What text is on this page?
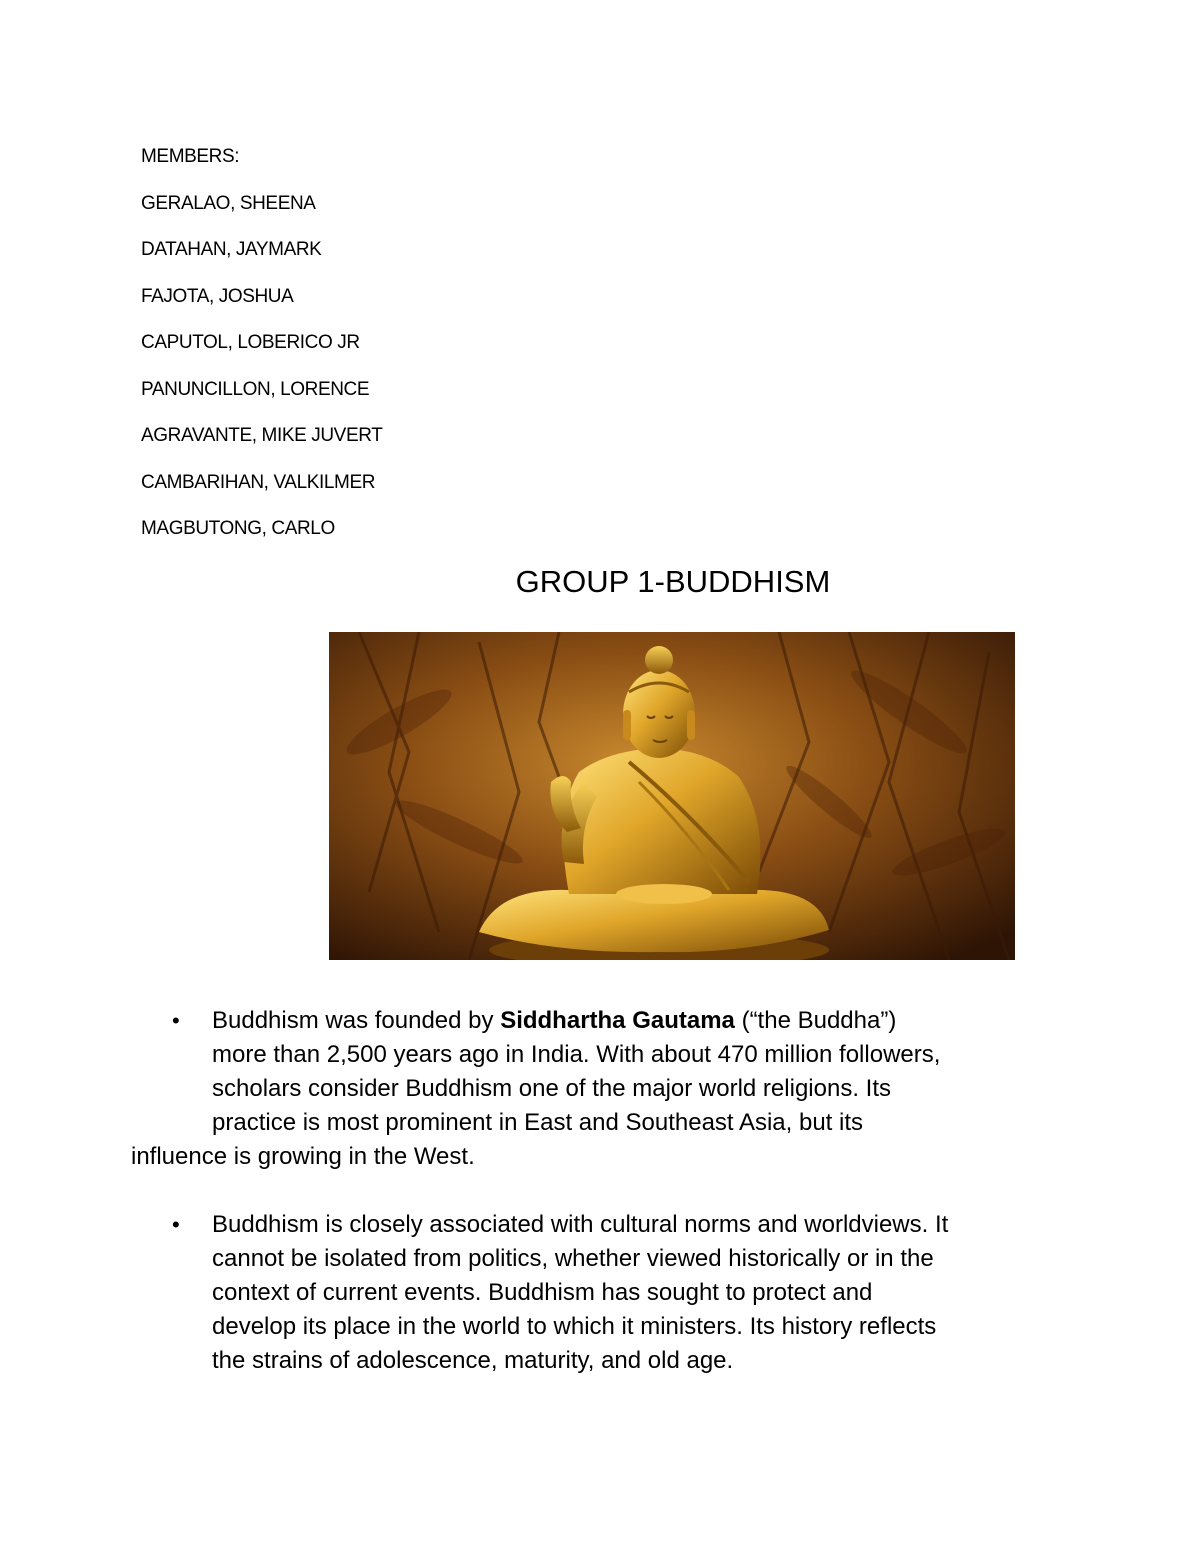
MEMBERS:
GERALAO, SHEENA
DATAHAN, JAYMARK
FAJOTA, JOSHUA
CAPUTOL, LOBERICO JR
PANUNCILLON, LORENCE
AGRAVANTE, MIKE JUVERT
CAMBARIHAN, VALKILMER
MAGBUTONG, CARLO
GROUP 1-BUDDHISM
• Buddhism was founded by Siddhartha Gautama (“the Buddha”)
more than 2,500 years ago in India. With about 470 million followers,
scholars consider Buddhism one of the major world religions. Its
practice is most prominent in East and Southeast Asia, but its
influence is growing in the West.
• Buddhism is closely associated with cultural norms and worldviews. It
cannot be isolated from politics, whether viewed historically or in the
context of current events. Buddhism has sought to protect and
develop its place in the world to which it ministers. Its history reflects
the strains of adolescence, maturity, and old age.
